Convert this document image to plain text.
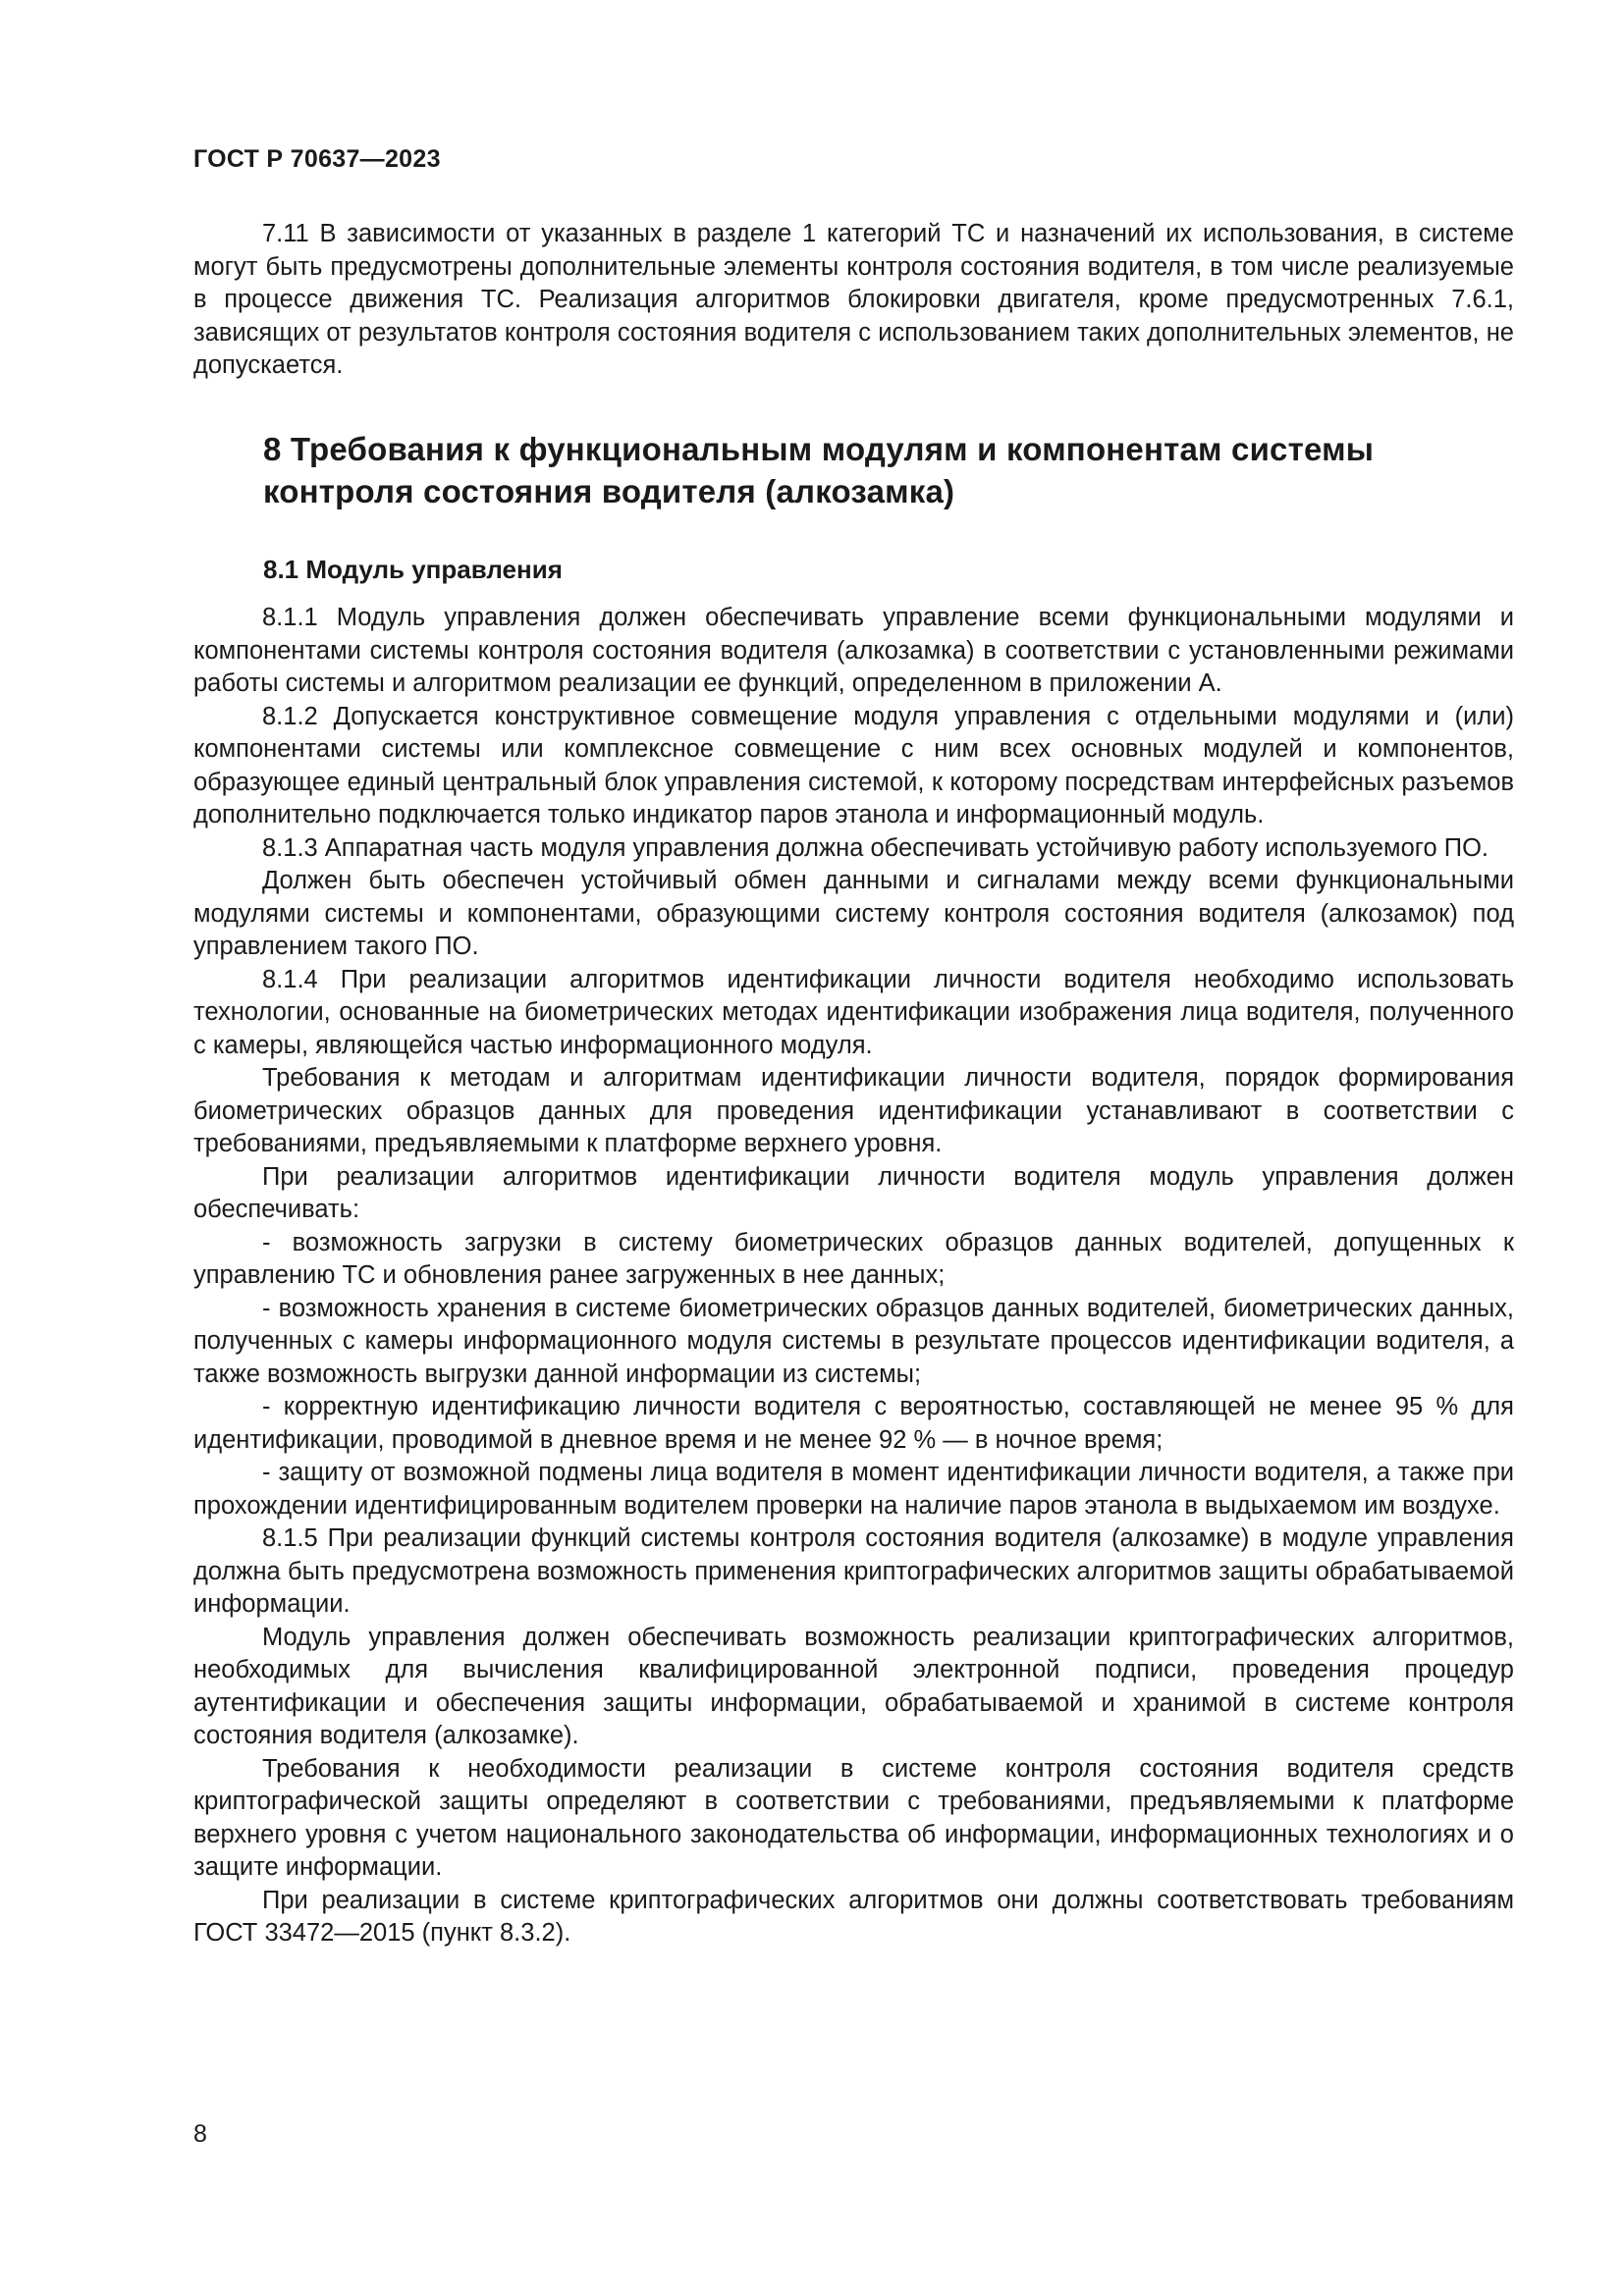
ГОСТ Р 70637—2023

7.11 В зависимости от указанных в разделе 1 категорий ТС и назначений их использования, в системе могут быть предусмотрены дополнительные элементы контроля состояния водителя, в том числе реализуемые в процессе движения ТС. Реализация алгоритмов блокировки двигателя, кроме предусмотренных 7.6.1, зависящих от результатов контроля состояния водителя с использованием таких дополнительных элементов, не допускается.

8 Требования к функциональным модулям и компонентам системы контроля состояния водителя (алкозамка)
8.1 Модуль управления

8.1.1 Модуль управления должен обеспечивать управление всеми функциональными модулями и компонентами системы контроля состояния водителя (алкозамка) в соответствии с установленными режимами работы системы и алгоритмом реализации ее функций, определенном в приложении А.

8.1.2 Допускается конструктивное совмещение модуля управления с отдельными модулями и (или) компонентами системы или комплексное совмещение с ним всех основных модулей и компонентов, образующее единый центральный блок управления системой, к которому посредствам интерфейсных разъемов дополнительно подключается только индикатор паров этанола и информационный модуль.

8.1.3 Аппаратная часть модуля управления должна обеспечивать устойчивую работу используемого ПО.

Должен быть обеспечен устойчивый обмен данными и сигналами между всеми функциональными модулями системы и компонентами, образующими систему контроля состояния водителя (алкозамок) под управлением такого ПО.

8.1.4 При реализации алгоритмов идентификации личности водителя необходимо использовать технологии, основанные на биометрических методах идентификации изображения лица водителя, полученного с камеры, являющейся частью информационного модуля.

Требования к методам и алгоритмам идентификации личности водителя, порядок формирования биометрических образцов данных для проведения идентификации устанавливают в соответствии с требованиями, предъявляемыми к платформе верхнего уровня.

При реализации алгоритмов идентификации личности водителя модуль управления должен обеспечивать:

- возможность загрузки в систему биометрических образцов данных водителей, допущенных к управлению ТС и обновления ранее загруженных в нее данных;

- возможность хранения в системе биометрических образцов данных водителей, биометрических данных, полученных с камеры информационного модуля системы в результате процессов идентификации водителя, а также возможность выгрузки данной информации из системы;

- корректную идентификацию личности водителя с вероятностью, составляющей не менее 95 % для идентификации, проводимой в дневное время и не менее 92 % — в ночное время;

- защиту от возможной подмены лица водителя в момент идентификации личности водителя, а также при прохождении идентифицированным водителем проверки на наличие паров этанола в выдыхаемом им воздухе.

8.1.5 При реализации функций системы контроля состояния водителя (алкозамке) в модуле управления должна быть предусмотрена возможность применения криптографических алгоритмов защиты обрабатываемой информации.

Модуль управления должен обеспечивать возможность реализации криптографических алгоритмов, необходимых для вычисления квалифицированной электронной подписи, проведения процедур аутентификации и обеспечения защиты информации, обрабатываемой и хранимой в системе контроля состояния водителя (алкозамке).

Требования к необходимости реализации в системе контроля состояния водителя средств криптографической защиты определяют в соответствии с требованиями, предъявляемыми к платформе верхнего уровня с учетом национального законодательства об информации, информационных технологиях и о защите информации.

При реализации в системе криптографических алгоритмов они должны соответствовать требованиям ГОСТ 33472—2015 (пункт 8.3.2).

8
